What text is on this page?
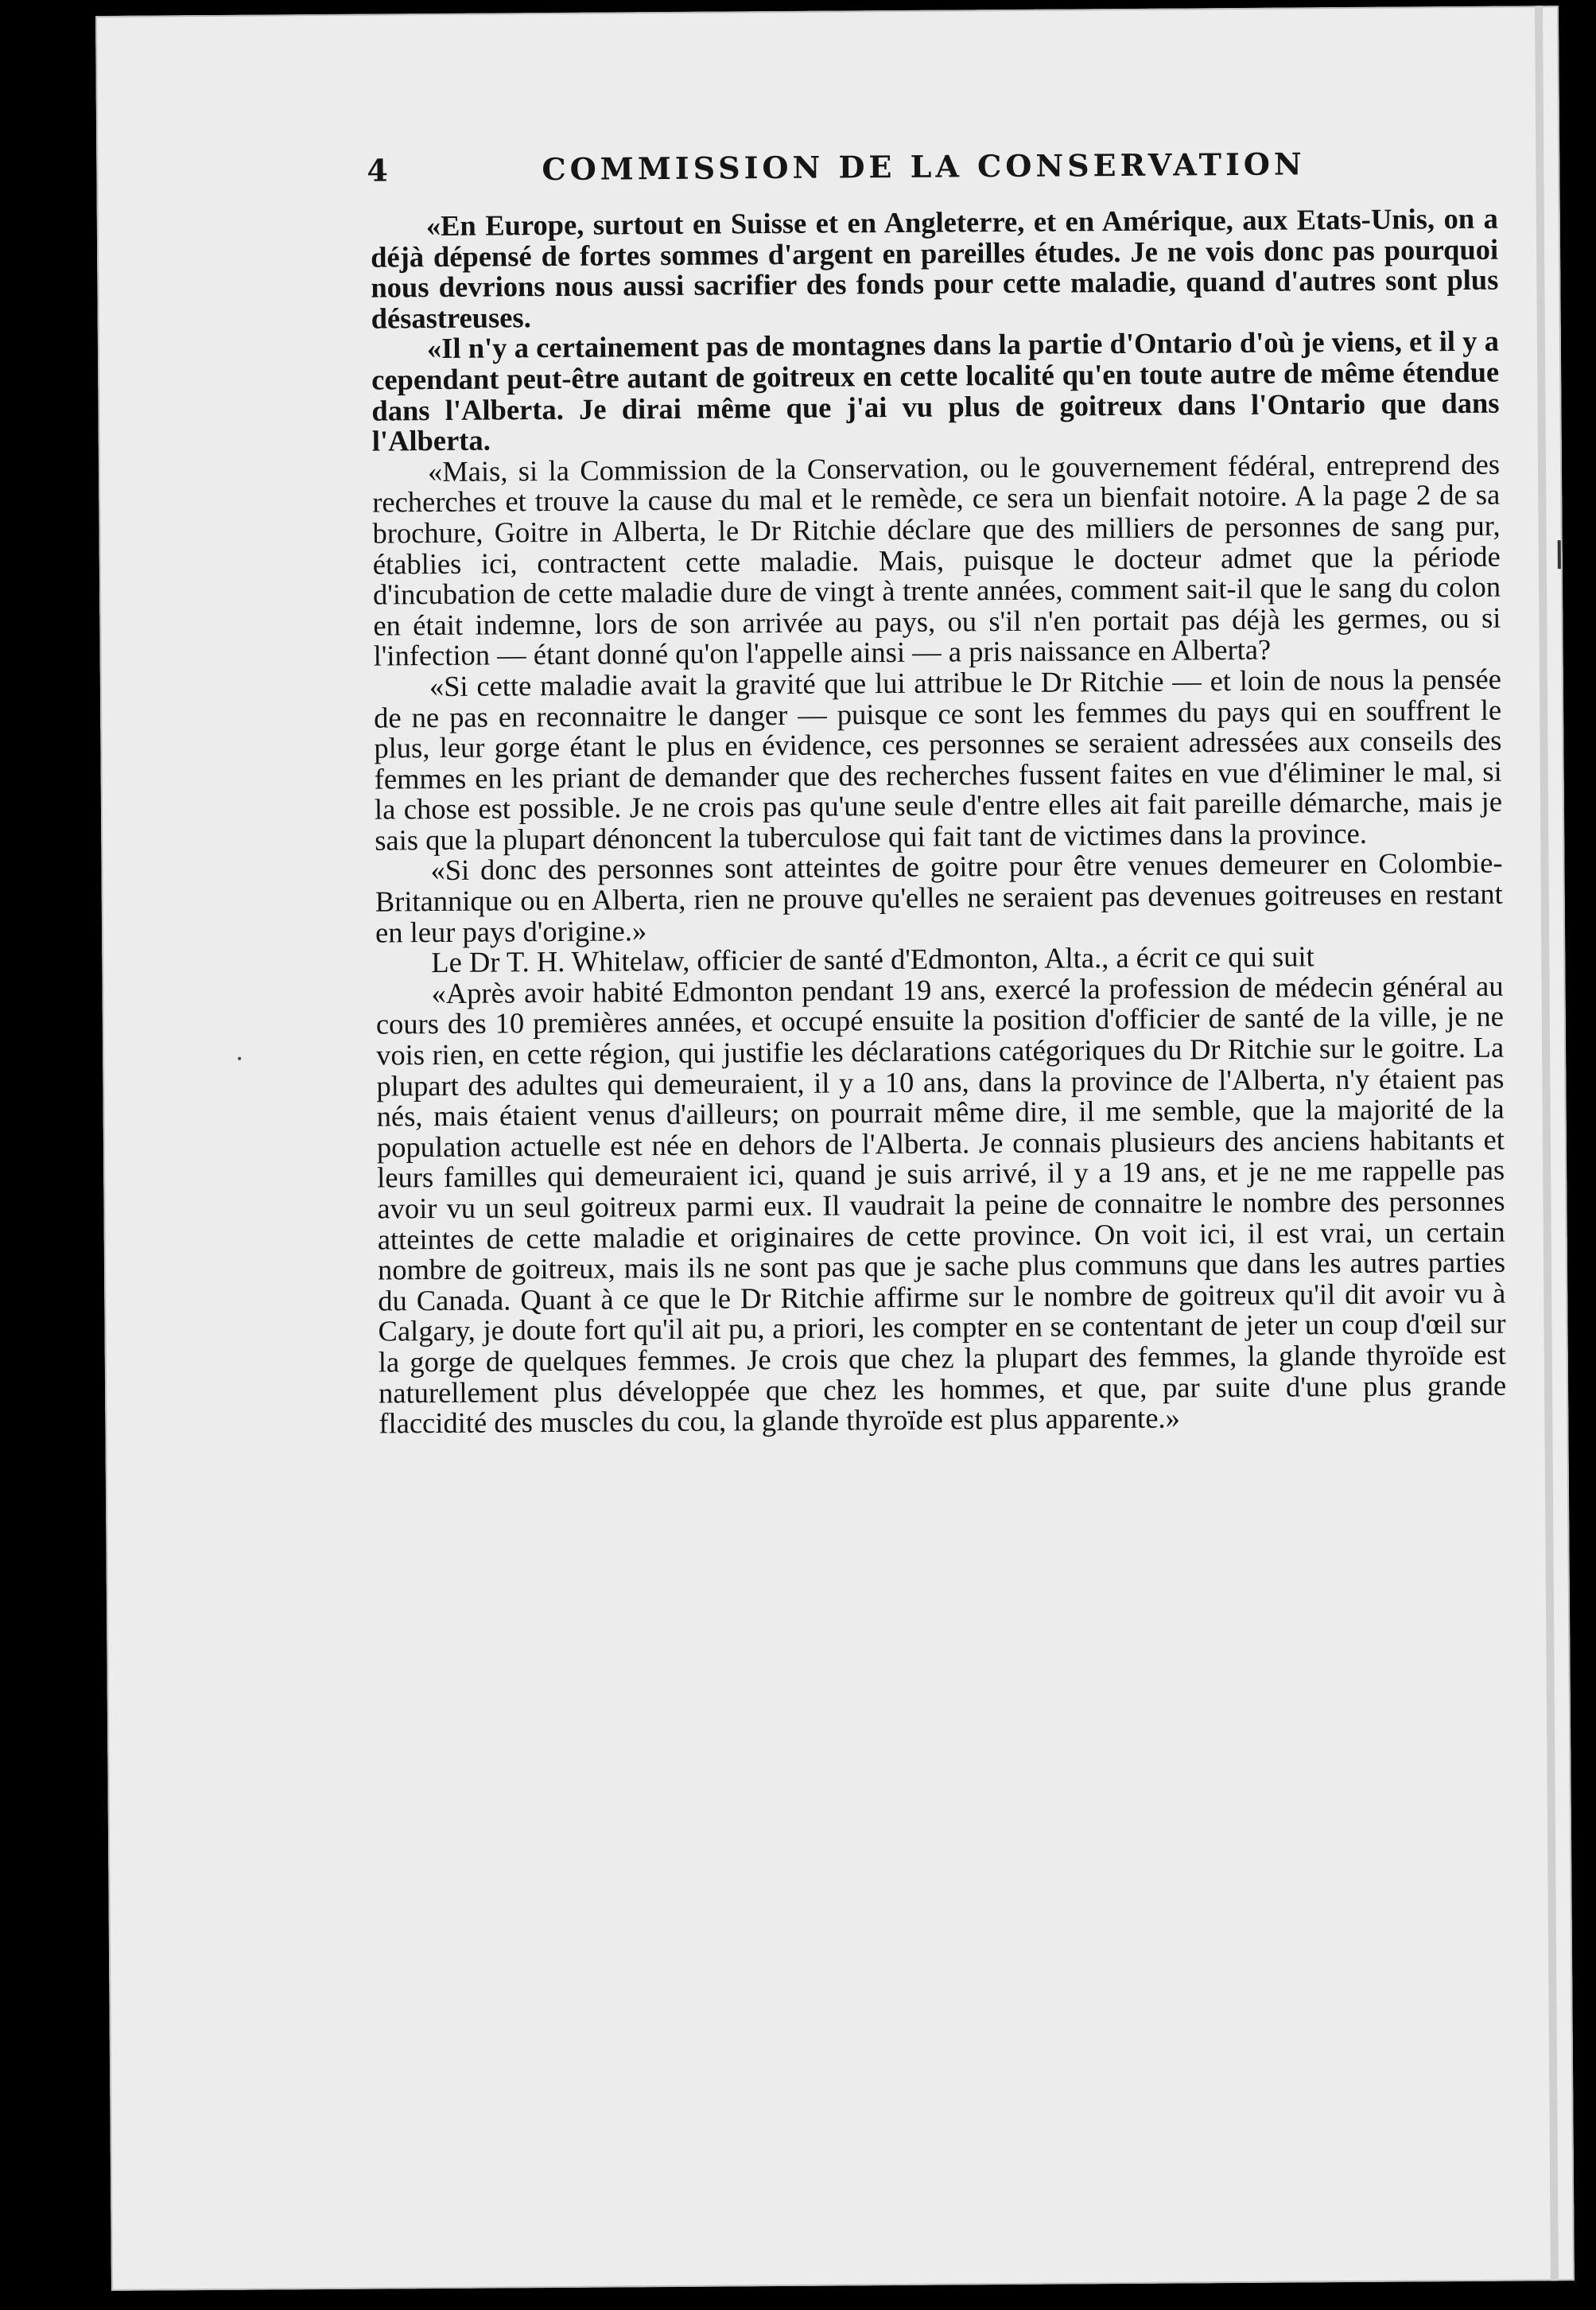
4	COMMISSION DE LA CONSERVATION

«En Europe, surtout en Suisse et en Angleterre, et en Amérique, aux Etats-Unis, on a déjà dépensé de fortes sommes d'argent en pareilles études. Je ne vois donc pas pourquoi nous devrions nous aussi sacrifier des fonds pour cette maladie, quand d'autres sont plus désastreuses.

«Il n'y a certainement pas de montagnes dans la partie d'Ontario d'où je viens, et il y a cependant peut-être autant de goitreux en cette localité qu'en toute autre de même étendue dans l'Alberta. Je dirai même que j'ai vu plus de goitreux dans l'Ontario que dans l'Alberta.

«Mais, si la Commission de la Conservation, ou le gouvernement fédéral, entreprend des recherches et trouve la cause du mal et le remède, ce sera un bienfait notoire. A la page 2 de sa brochure, Goitre in Alberta, le Dr Ritchie déclare que des milliers de personnes de sang pur, établies ici, contractent cette maladie. Mais, puisque le docteur admet que la période d'incubation de cette maladie dure de vingt à trente années, comment sait-il que le sang du colon en était indemne, lors de son arrivée au pays, ou s'il n'en portait pas déjà les germes, ou si l'infection — étant donné qu'on l'appelle ainsi — a pris naissance en Alberta?

«Si cette maladie avait la gravité que lui attribue le Dr Ritchie — et loin de nous la pensée de ne pas en reconnaitre le danger — puisque ce sont les femmes du pays qui en souffrent le plus, leur gorge étant le plus en évidence, ces personnes se seraient adressées aux conseils des femmes en les priant de demander que des recherches fussent faites en vue d'éliminer le mal, si la chose est possible. Je ne crois pas qu'une seule d'entre elles ait fait pareille démarche, mais je sais que la plupart dénoncent la tuberculose qui fait tant de victimes dans la province.

«Si donc des personnes sont atteintes de goitre pour être venues demeurer en Colombie-Britannique ou en Alberta, rien ne prouve qu'elles ne seraient pas devenues goitreuses en restant en leur pays d'origine.»

Le Dr T. H. Whitelaw, officier de santé d'Edmonton, Alta., a écrit ce qui suit

«Après avoir habité Edmonton pendant 19 ans, exercé la profession de médecin général au cours des 10 premières années, et occupé ensuite la position d'officier de santé de la ville, je ne vois rien, en cette région, qui justifie les déclarations catégoriques du Dr Ritchie sur le goitre. La plupart des adultes qui demeuraient, il y a 10 ans, dans la province de l'Alberta, n'y étaient pas nés, mais étaient venus d'ailleurs; on pourrait même dire, il me semble, que la majorité de la population actuelle est née en dehors de l'Alberta. Je connais plusieurs des anciens habitants et leurs familles qui demeuraient ici, quand je suis arrivé, il y a 19 ans, et je ne me rappelle pas avoir vu un seul goitreux parmi eux. Il vaudrait la peine de connaitre le nombre des personnes atteintes de cette maladie et originaires de cette province. On voit ici, il est vrai, un certain nombre de goitreux, mais ils ne sont pas que je sache plus communs que dans les autres parties du Canada. Quant à ce que le Dr Ritchie affirme sur le nombre de goitreux qu'il dit avoir vu à Calgary, je doute fort qu'il ait pu, a priori, les compter en se contentant de jeter un coup d'œil sur la gorge de quelques femmes. Je crois que chez la plupart des femmes, la glande thyroïde est naturellement plus développée que chez les hommes, et que, par suite d'une plus grande flaccidité des muscles du cou, la glande thyroïde est plus apparente.»
